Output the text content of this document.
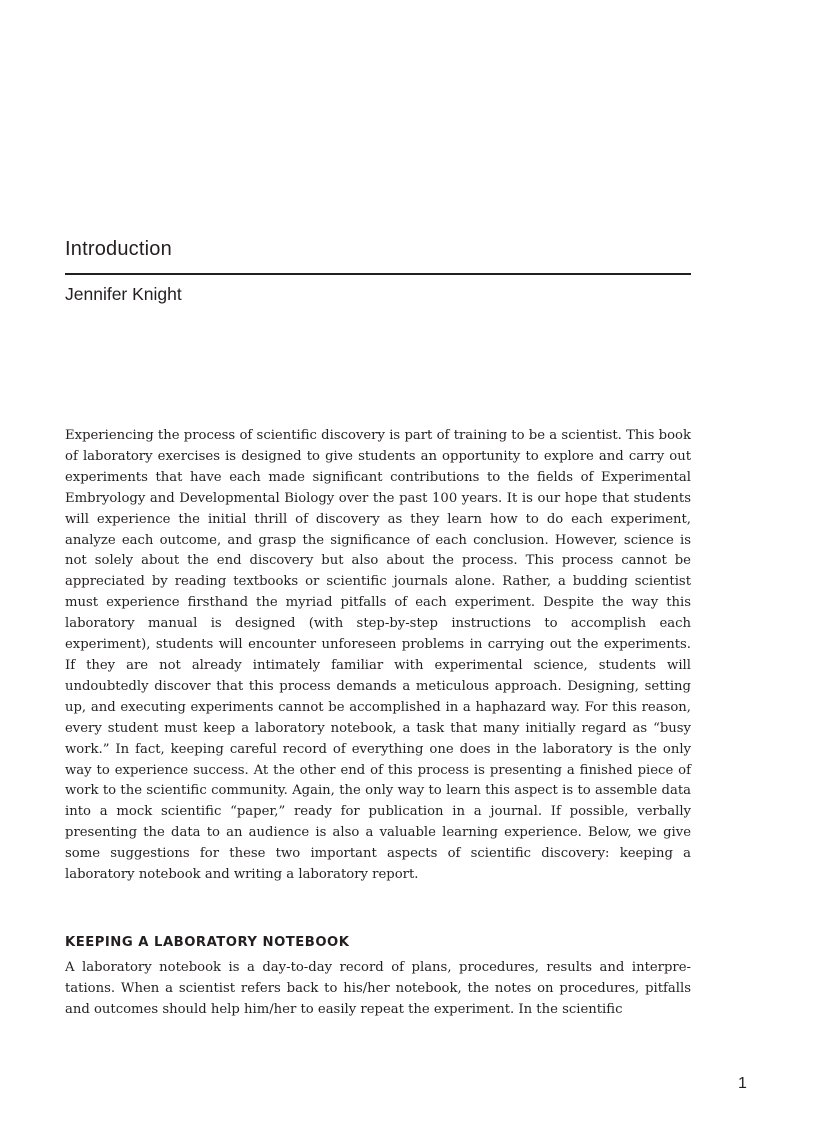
Introduction
Jennifer Knight

Experiencing the process of scientific discovery is part of training to be a scientist. This book of laboratory exercises is designed to give students an opportunity to explore and carry out experiments that have each made significant contributions to the fields of Experimental Embryology and Developmental Biology over the past 100 years. It is our hope that students will experience the initial thrill of discovery as they learn how to do each experiment, analyze each outcome, and grasp the significance of each conclusion. However, science is not solely about the end discovery but also about the process. This process cannot be appreciated by reading textbooks or scientific journals alone. Rather, a budding scientist must experience firsthand the myriad pitfalls of each experiment. Despite the way this laboratory manual is designed (with step-by-step instructions to accomplish each experiment), students will encounter unforeseen problems in carrying out the experiments. If they are not already intimately familiar with experimental science, students will undoubtedly discover that this process demands a meticulous approach. Designing, setting up, and executing experiments cannot be accomplished in a haphazard way. For this reason, every student must keep a laboratory notebook, a task that many initially regard as “busy work.” In fact, keeping careful record of everything one does in the laboratory is the only way to experience success. At the other end of this process is presenting a finished piece of work to the scientific community. Again, the only way to learn this aspect is to assemble data into a mock scientific “paper,” ready for publication in a journal. If possible, verbally presenting the data to an audience is also a valuable learning experience. Below, we give some suggestions for these two important aspects of scientific discovery: keeping a laboratory notebook and writing a laboratory report.

KEEPING A LABORATORY NOTEBOOK

A laboratory notebook is a day-to-day record of plans, procedures, results and interpretations. When a scientist refers back to his/her notebook, the notes on procedures, pitfalls and outcomes should help him/her to easily repeat the experiment. In the scientific

1
